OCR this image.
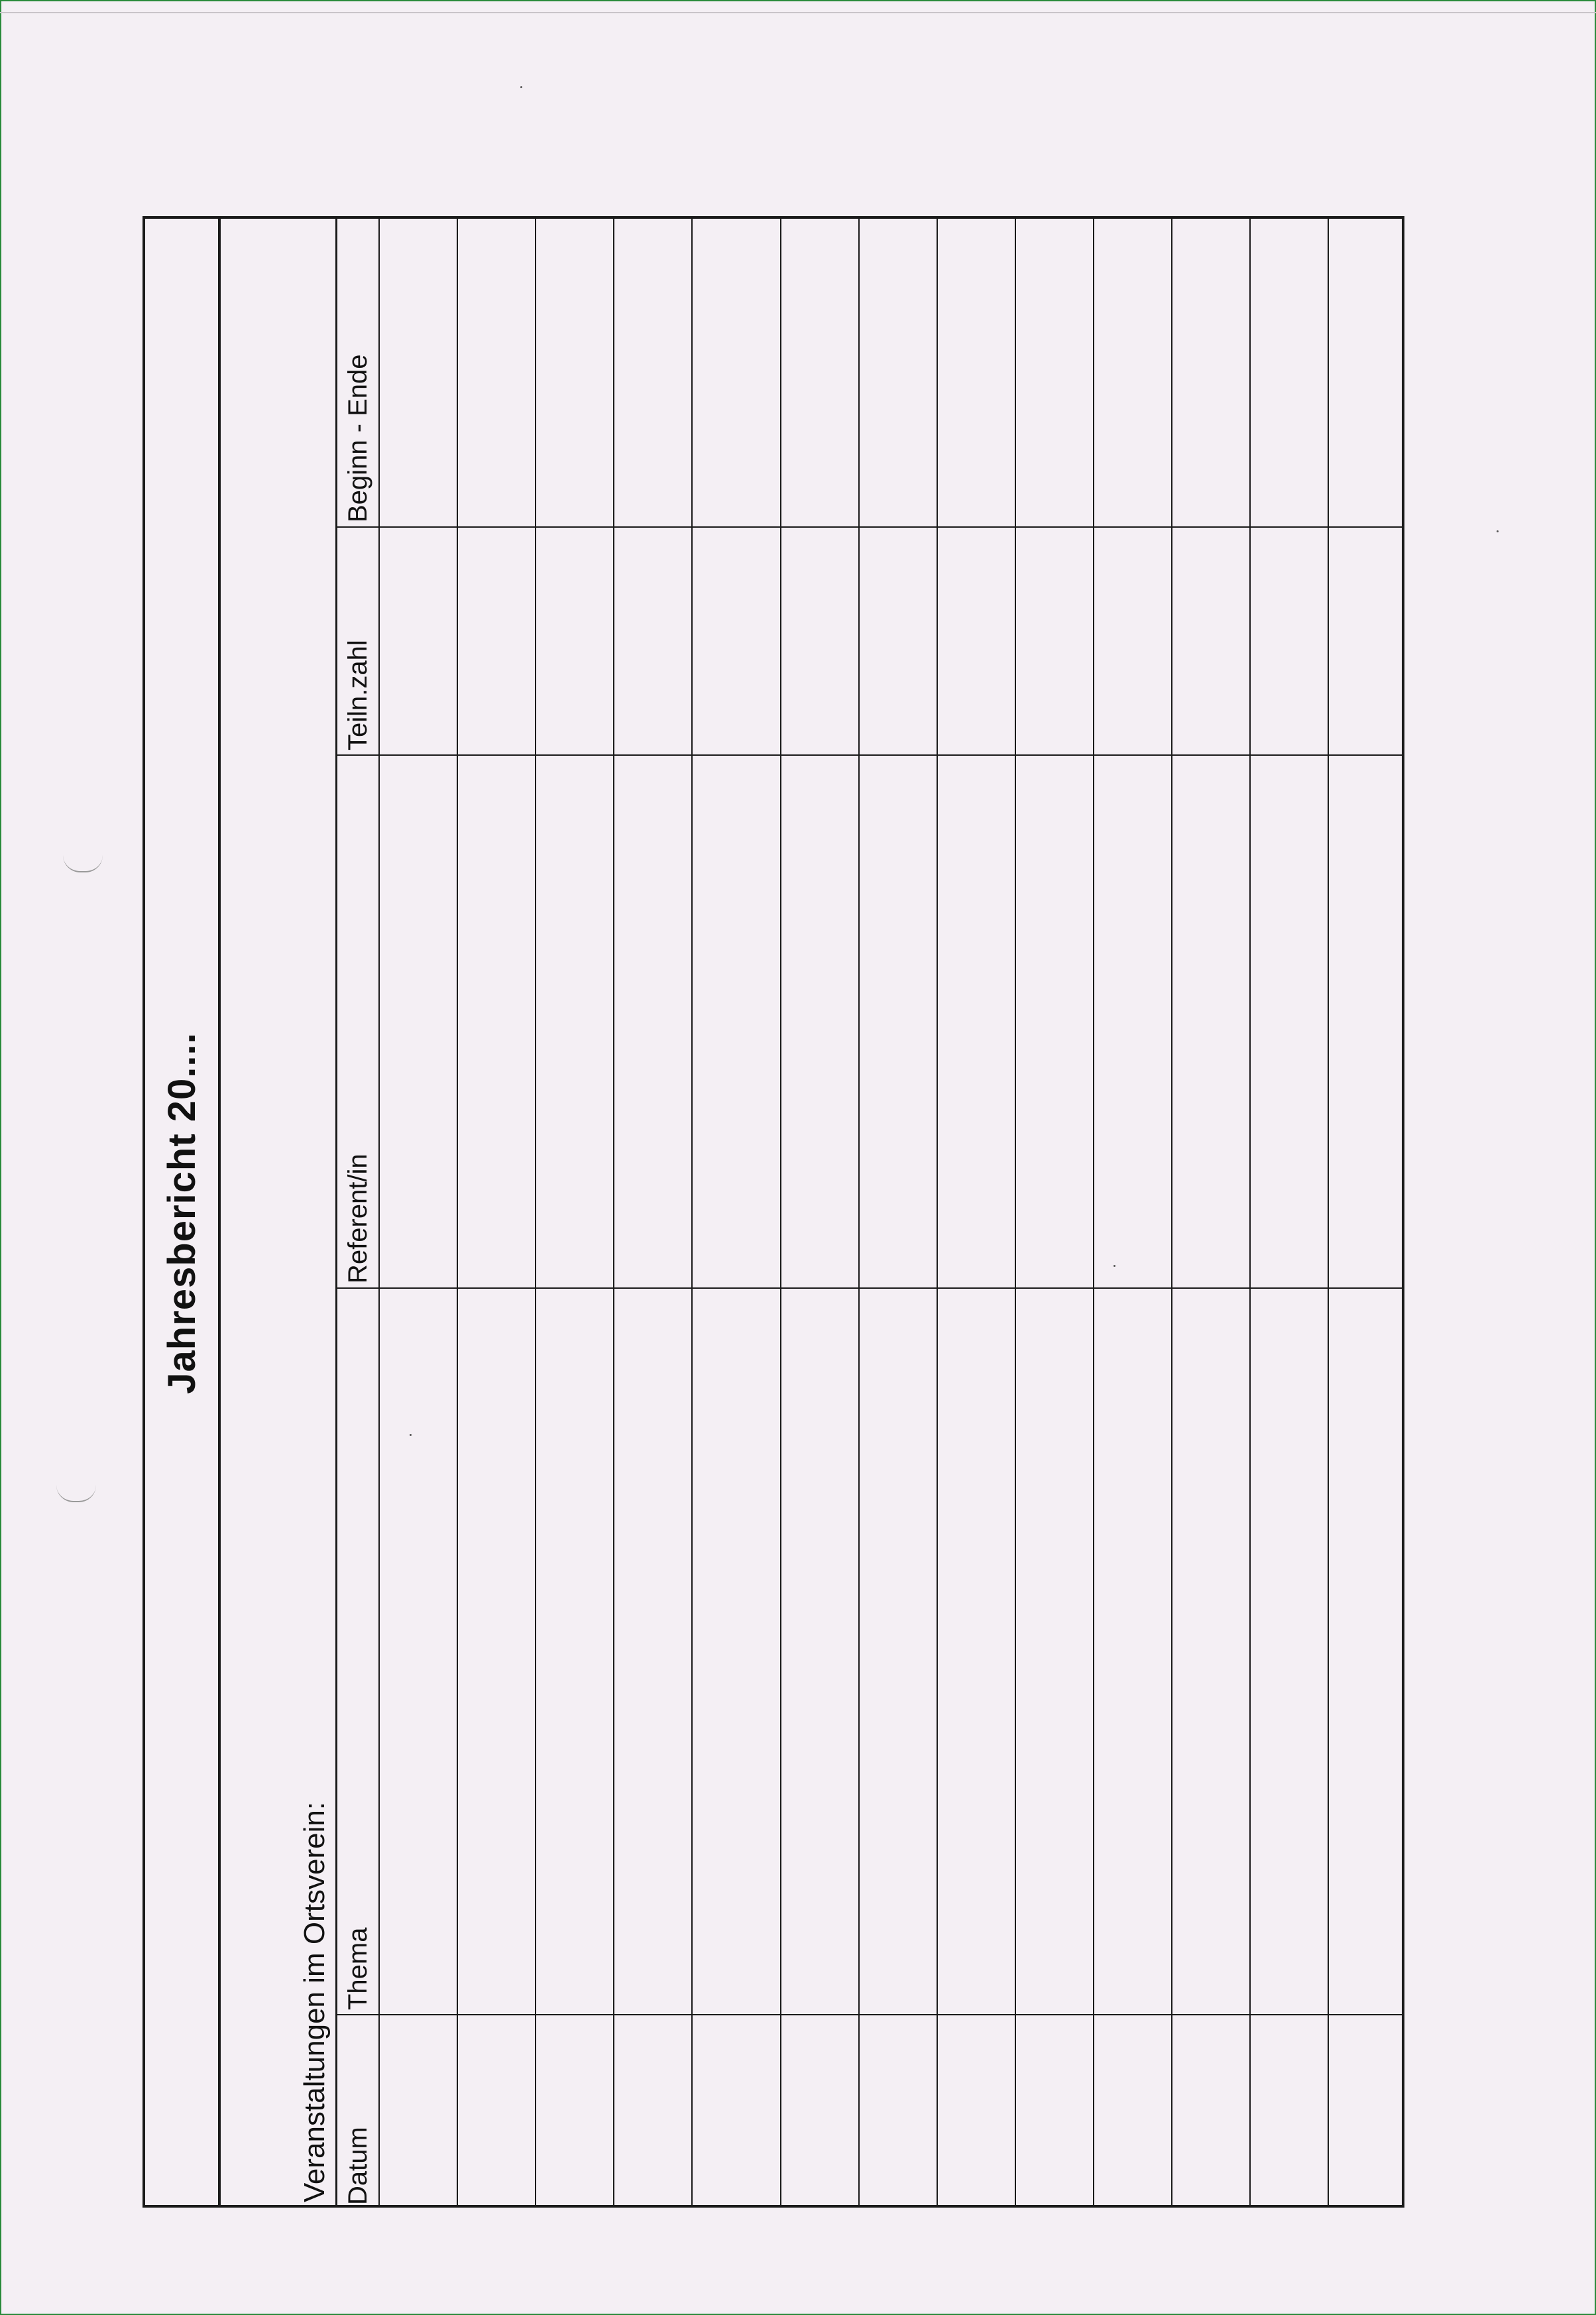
Jahresbericht 20....
Veranstaltungen im Ortsverein: Datum
Thema
Referent/in
Teiln.zahl
Beginn - Ende
